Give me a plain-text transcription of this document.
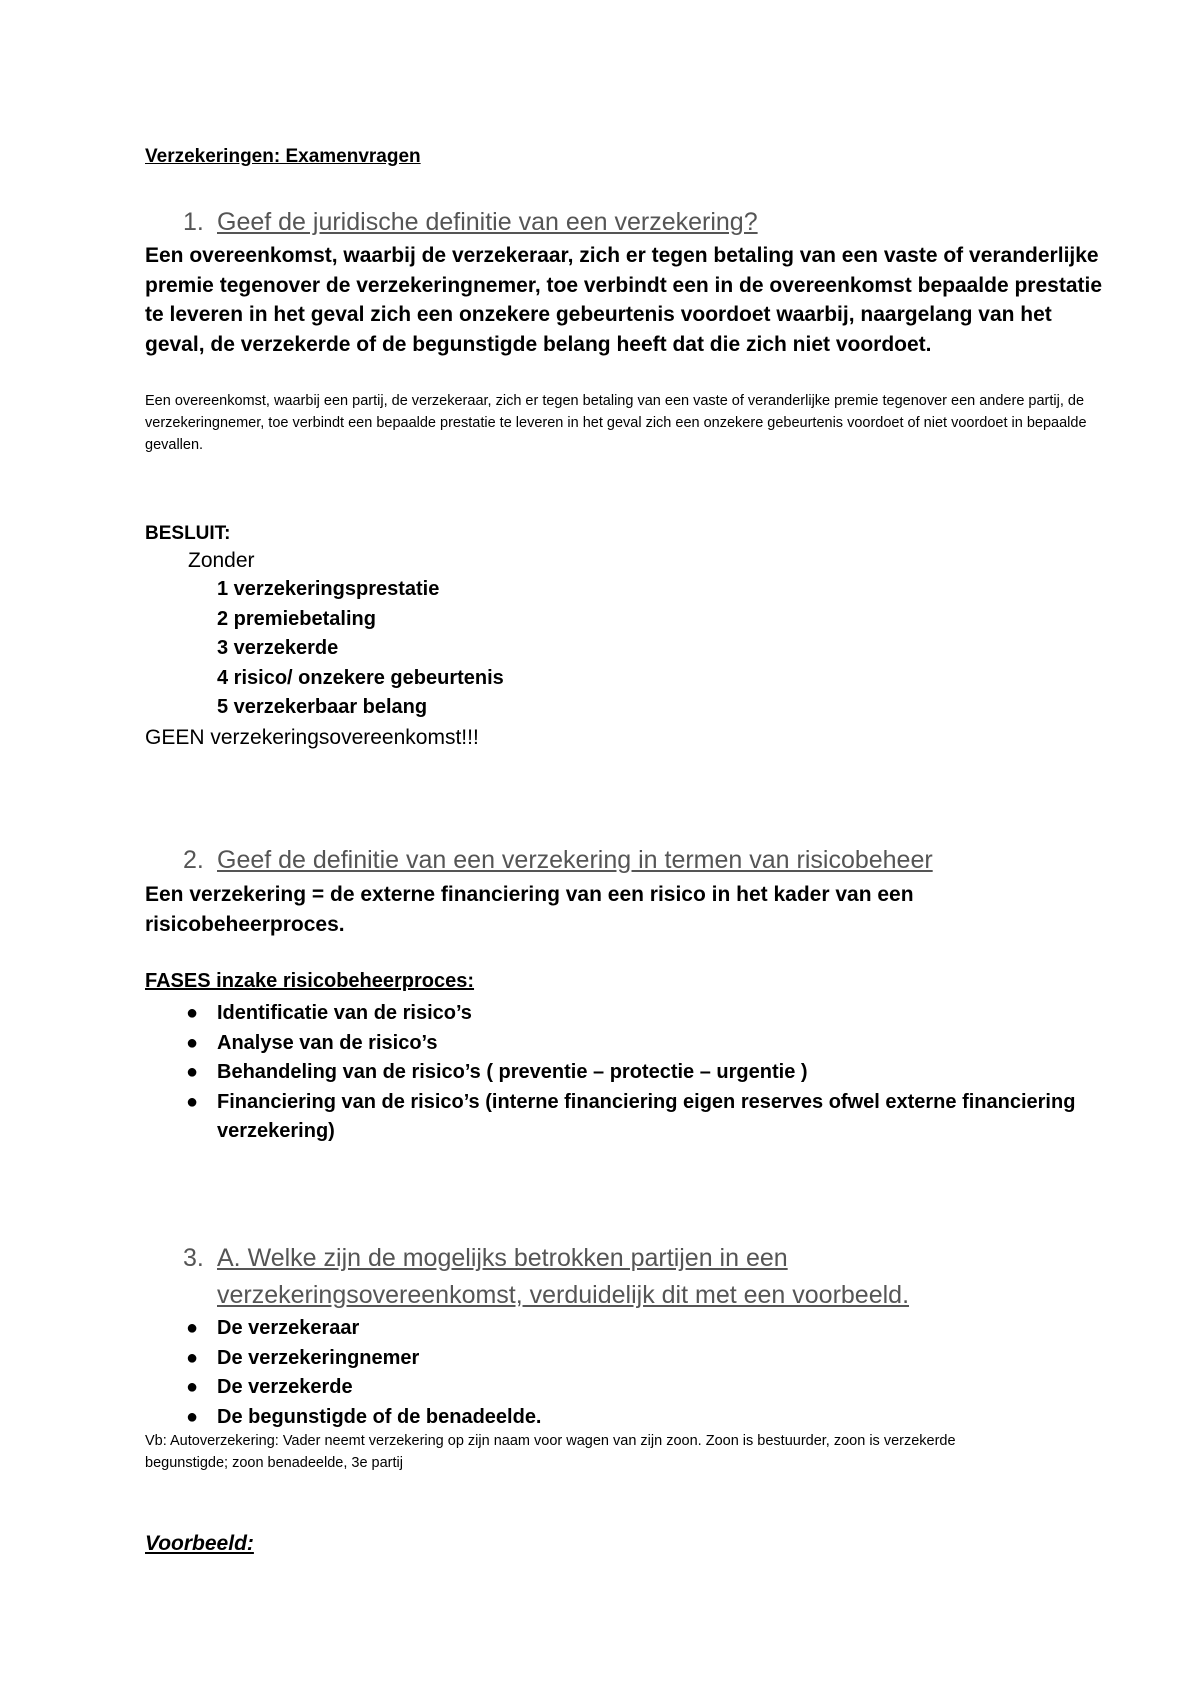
Verzekeringen: Examenvragen
1. Geef de juridische definitie van een verzekering?
Een overeenkomst, waarbij de verzekeraar, zich er tegen betaling van een vaste of veranderlijke premie tegenover de verzekeringnemer, toe verbindt een in de overeenkomst bepaalde prestatie te leveren in het geval zich een onzekere gebeurtenis voordoet waarbij, naargelang van het geval, de verzekerde of de begunstigde belang heeft dat die zich niet voordoet.
Een overeenkomst, waarbij een partij, de verzekeraar, zich er tegen betaling van een vaste of veranderlijke premie tegenover een andere partij, de verzekeringnemer, toe verbindt een bepaalde prestatie te leveren in het geval zich een onzekere gebeurtenis voordoet of niet voordoet in bepaalde gevallen.
BESLUIT:
Zonder
1 verzekeringsprestatie
2 premiebetaling
3 verzekerde
4 risico/ onzekere gebeurtenis
5 verzekerbaar belang
GEEN verzekeringsovereenkomst!!!
2. Geef de definitie van een verzekering in termen van risicobeheer
Een verzekering = de externe financiering van een risico in het kader van een risicobeheerproces.
FASES inzake risicobeheerproces:
● Identificatie van de risico’s
● Analyse van de risico’s
● Behandeling van de risico’s ( preventie – protectie – urgentie )
● Financiering van de risico’s (interne financiering eigen reserves ofwel externe financiering verzekering)
3. A. Welke zijn de mogelijks betrokken partijen in een
verzekeringsovereenkomst, verduidelijk dit met een voorbeeld.
● De verzekeraar
● De verzekeringnemer
● De verzekerde
● De begunstigde of de benadeelde.
Vb: Autoverzekering: Vader neemt verzekering op zijn naam voor wagen van zijn zoon. Zoon is bestuurder, zoon is verzekerde begunstigde; zoon benadeelde, 3e partij
Voorbeeld:
